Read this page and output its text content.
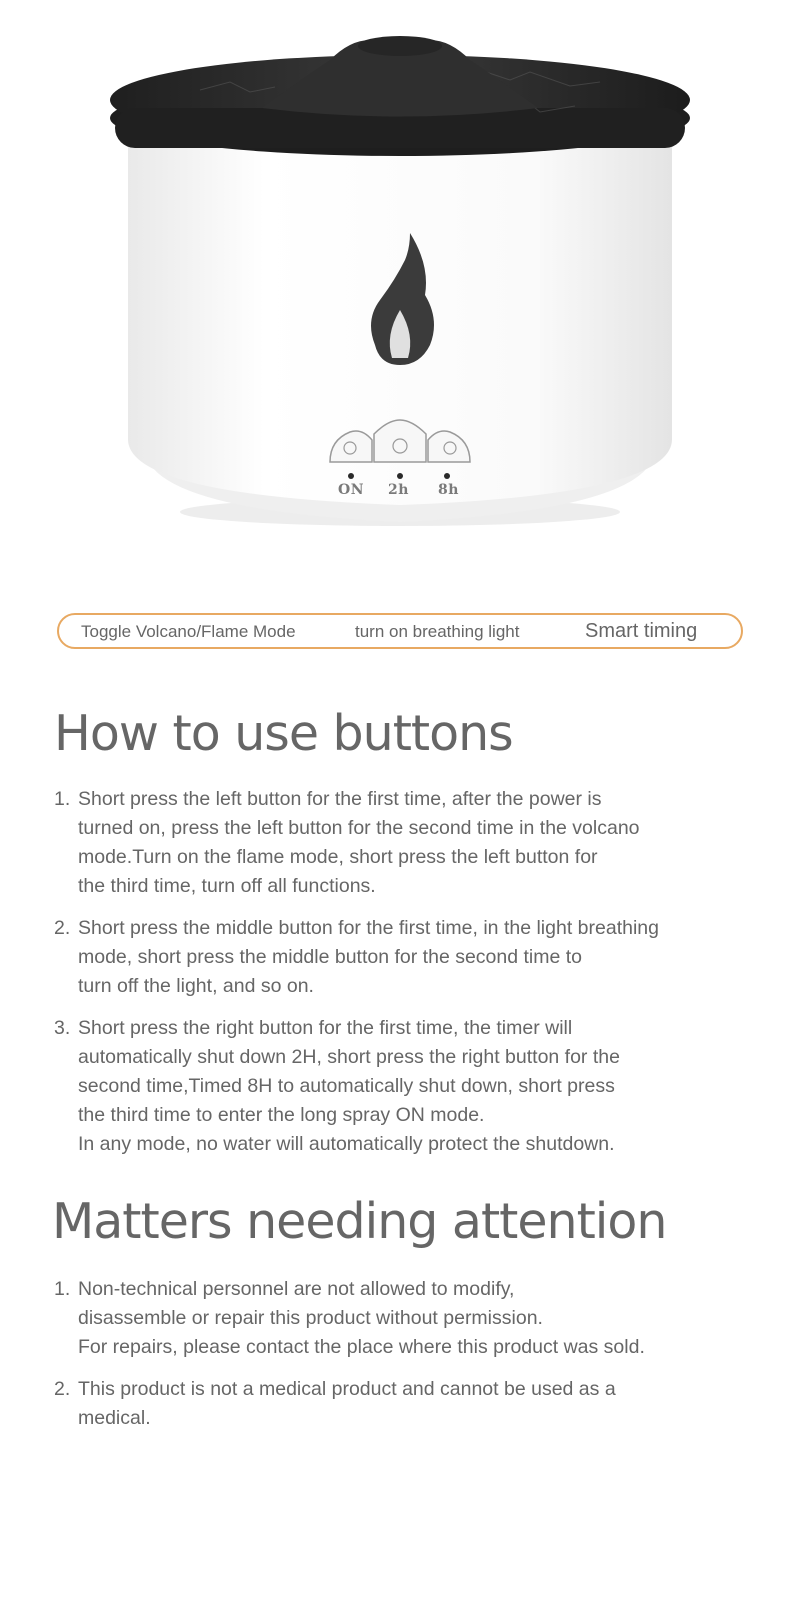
ON 2h 8h
Toggle Volcano/Flame Mode	turn on breathing light	Smart timing
How to use buttons
1. Short press the left button for the first time, after the power is
turned on, press the left button for the second time in the volcano
mode.Turn on the flame mode, short press the left button for
the third time, turn off all functions.
2. Short press the middle button for the first time, in the light breathing
mode, short press the middle button for the second time to
turn off the light, and so on.
3. Short press the right button for the first time, the timer will
automatically shut down 2H, short press the right button for the
second time,Timed 8H to automatically shut down, short press
the third time to enter the long spray ON mode.
In any mode, no water will automatically protect the shutdown.
Matters needing attention
1. Non-technical personnel are not allowed to modify,
disassemble or repair this product without permission.
For repairs, please contact the place where this product was sold.
2. This product is not a medical product and cannot be used as a
medical.
